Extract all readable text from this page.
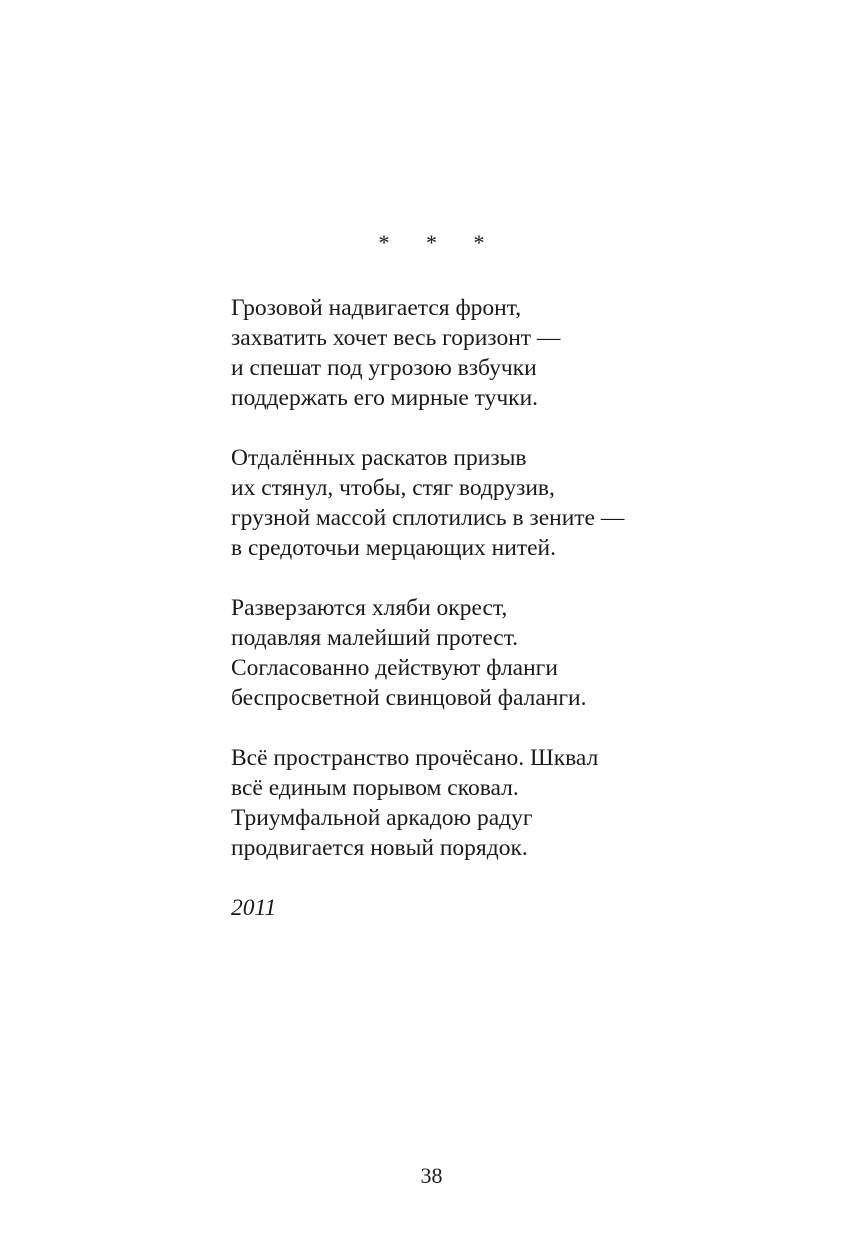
* * *
Грозовой надвигается фронт,
захватить хочет весь горизонт —
и спешат под угрозою взбучки
поддержать его мирные тучки.
Отдалённых раскатов призыв
их стянул, чтобы, стяг водрузив,
грузной массой сплотились в зените —
в средоточьи мерцающих нитей.
Разверзаются хляби окрест,
подавляя малейший протест.
Согласованно действуют фланги
беспросветной свинцовой фаланги.
Всё пространство прочёсано. Шквал
всё единым порывом сковал.
Триумфальной аркадою радуг
продвигается новый порядок.
2011
38
